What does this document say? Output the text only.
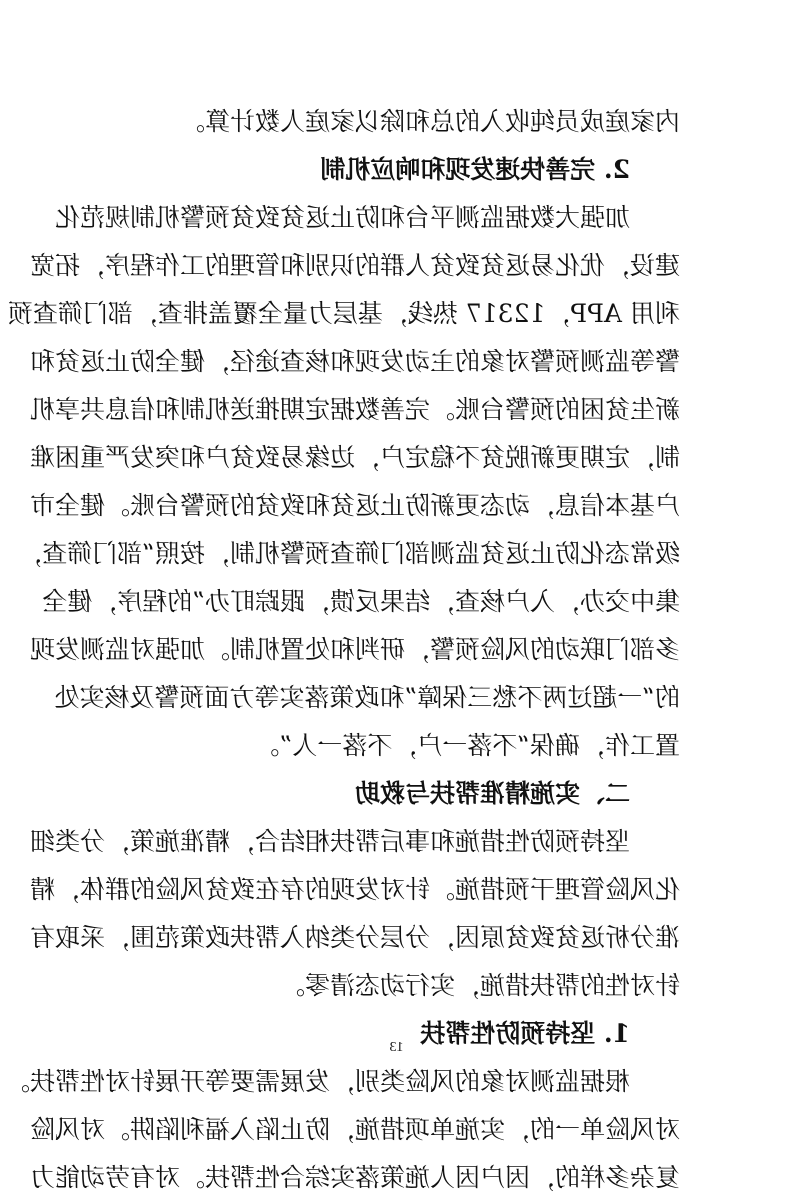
内家庭成员纯收入的总和除以家庭人数计算。
2. 完善快速发现和响应机制
加强大数据监测平台和防止返贫致贫预警机制规范化
建设，优化易返贫致贫人群的识别和管理的工作程序，拓宽
利用 APP，12317 热线，基层力量全覆盖排查，部门筛查预
警等监测预警对象的主动发现和核查途径，健全防止返贫和
新生贫困的预警台账。完善数据定期推送机制和信息共享机
制，定期更新脱贫不稳定户，边缘易致贫户和突发严重困难
户基本信息，动态更新防止返贫和致贫的预警台账。健全市
级常态化防止返贫监测部门筛查预警机制，按照“部门筛查，
集中交办，入户核查，结果反馈，跟踪盯办”的程序，健全
多部门联动的风险预警，研判和处置机制。加强对监测发现
的“一超过两不愁三保障”和政策落实等方面预警及核实处
置工作，确保“不落一户，不落一人”。
二、实施精准帮扶与救助
坚持预防性措施和事后帮扶相结合，精准施策，分类细
化风险管理干预措施。针对发现的存在致贫风险的群体，精
准分析返贫致贫原因，分层分类纳入帮扶政策范围，采取有
针对性的帮扶措施，实行动态清零。
1. 坚持预防性帮扶
根据监测对象的风险类别，发展需要等开展针对性帮扶。
对风险单一的，实施单项措施，防止陷入福利陷阱。对风险
复杂多样的，因户因人施策落实综合性帮扶。对有劳动能力
13
